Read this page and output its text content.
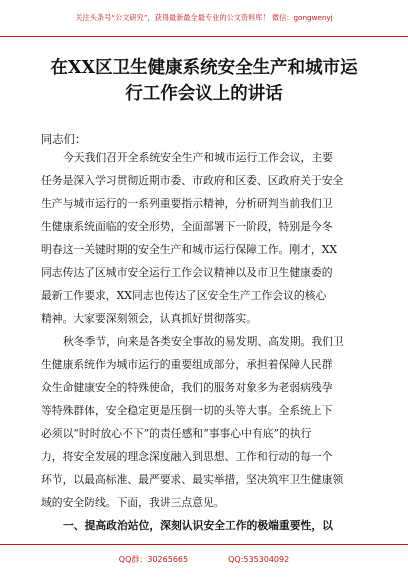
关注头条号“公文研究”，获得最新最全最专业的公文资料库！ 微信：gongwenyj
在XX区卫生健康系统安全生产和城市运
行工作会议上的讲话
同志们：
今天我们召开全系统安全生产和城市运行工作会议，主要
任务是深入学习贯彻近期市委、市政府和区委、区政府关于安全
生产与城市运行的一系列重要指示精神，分析研判当前我们卫
生健康系统面临的安全形势，全面部署下一阶段，特别是今冬
明春这一关键时期的安全生产和城市运行保障工作。刚才，XX
同志传达了区城市安全运行工作会议精神以及市卫生健康委的
最新工作要求，XX同志也传达了区安全生产工作会议的核心
精神。大家要深刻领会，认真抓好贯彻落实。
秋冬季节，向来是各类安全事故的易发期、高发期。我们卫
生健康系统作为城市运行的重要组成部分，承担着保障人民群
众生命健康安全的特殊使命，我们的服务对象多为老弱病残孕
等特殊群体，安全稳定更是压倒一切的头等大事。全系统上下
必须以“时时放心不下”的责任感和“事事心中有底”的执行
力，将安全发展的理念深度融入到思想、工作和行动的每一个
环节，以最高标准、最严要求、最实举措，坚决筑牢卫生健康领
域的安全防线。下面，我讲三点意见。
一、提高政治站位，深刻认识安全工作的极端重要性，以
QQ群：30265665	QQ:535304092
